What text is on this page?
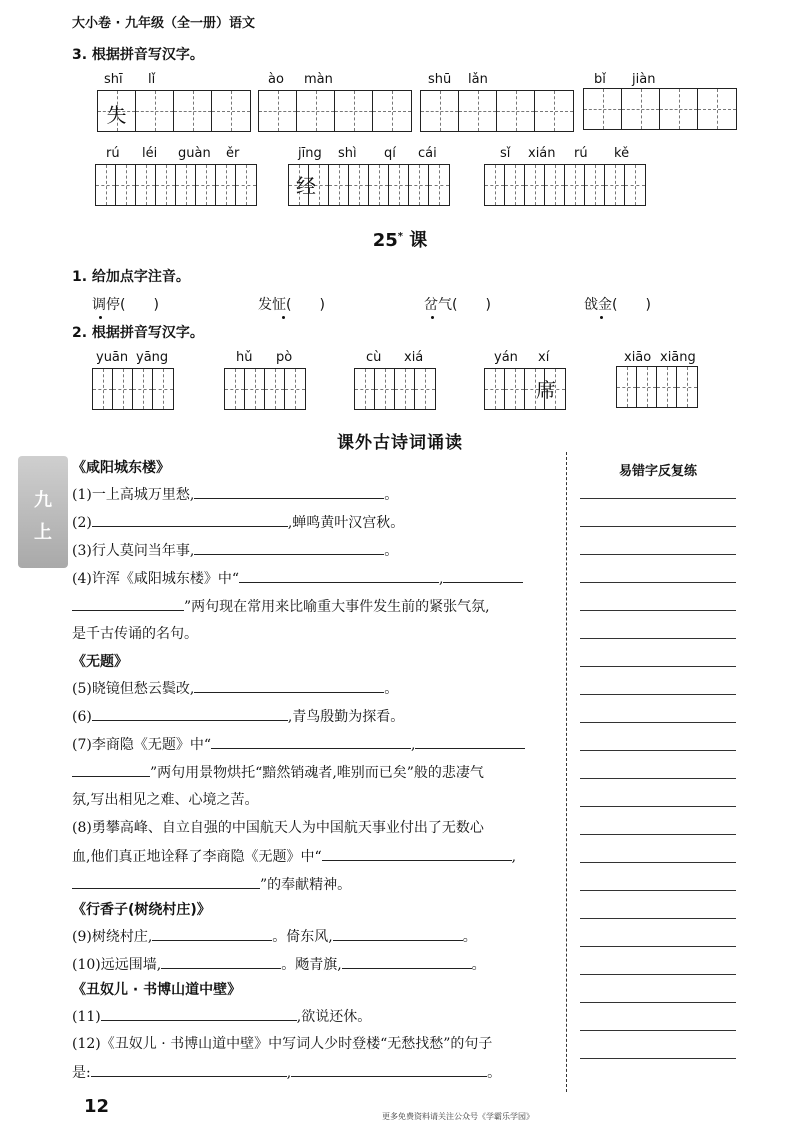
大小卷 · 九年级（全一册）语文
3. 根据拼音写汉字。
shī lǐ
失
ào màn	shū lǎn	bǐ jiàn
rú léi guàn ěr	jīng shì qí cái
经
sǐ xián rú kě
25* 课
1. 给加点字注音。
调停(　　)	发怔(　　)	岔气(　　)	戗金(　　)
2. 根据拼音写汉字。
yuān yāng	hǔ pò	cù xiá	yán xí
席
xiāo xiāng
课外古诗词诵读
九
上
易错字反复练
《咸阳城东楼》
(1)一上高城万里愁,	。
(2)	,蝉鸣黄叶汉宫秋。
(3)行人莫问当年事,	。
(4)许浑《咸阳城东楼》中“	,
”两句现在常用来比喻重大事件发生前的紧张气氛,
是千古传诵的名句。
《无题》
(5)晓镜但愁云鬓改,	。
(6)	,青鸟殷勤为探看。
(7)李商隐《无题》中“	,
”两句用景物烘托“黯然销魂者,唯别而已矣”般的悲凄气
氛,写出相见之难、心境之苦。
(8)勇攀高峰、自立自强的中国航天人为中国航天事业付出了无数心
血,他们真正地诠释了李商隐《无题》中“	,
”的奉献精神。
《行香子(树绕村庄)》
(9)树绕村庄,	。倚东风,	。
(10)远远围墙,	。飏青旗,	。
《丑奴儿 · 书博山道中壁》
(11)	,欲说还休。
(12)《丑奴儿 · 书博山道中壁》中写词人少时登楼“无愁找愁”的句子
是:	,	。
12	更多免费资料请关注公众号《学霸乐学园》
